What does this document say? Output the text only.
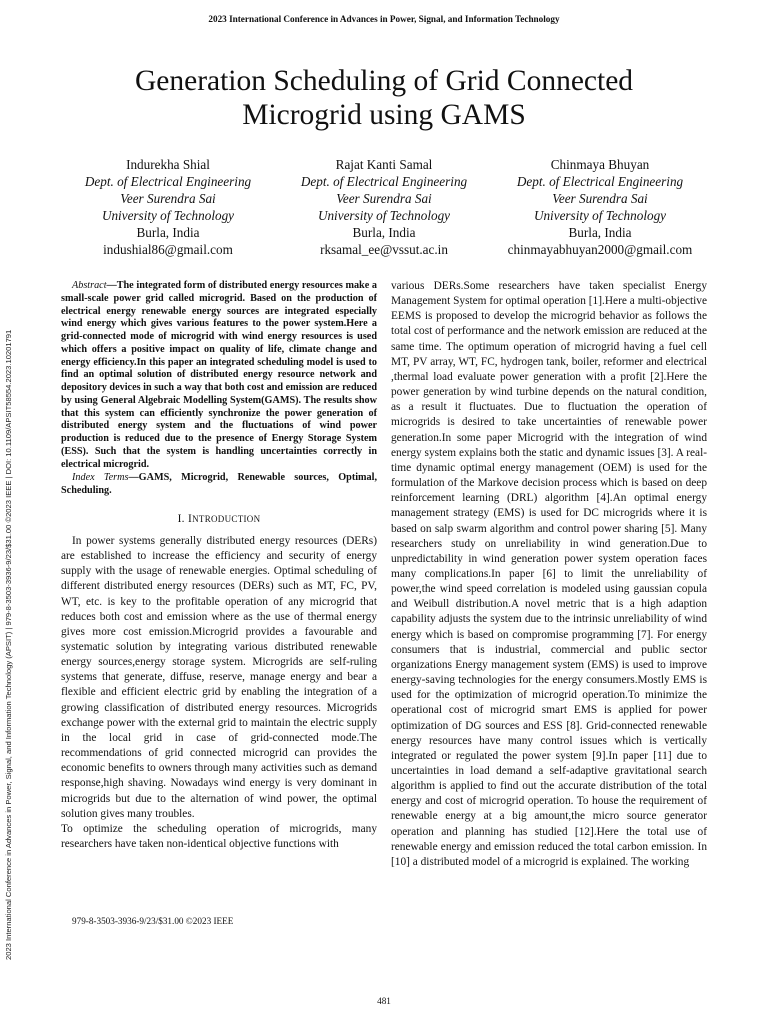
2023 International Conference in Advances in Power, Signal, and Information Technology
2023 International Conference in Advances in Power, Signal, and Information Technology (APSIT) | 979-8-3503-3936-9/23/$31.00 ©2023 IEEE | DOI: 10.1109/APSIT58554.2023.10201791
Generation Scheduling of Grid Connected
Microgrid using GAMS
Indurekha Shial
Dept. of Electrical Engineering
Veer Surendra Sai
University of Technology
Burla, India
indushial86@gmail.com
Rajat Kanti Samal
Dept. of Electrical Engineering
Veer Surendra Sai
University of Technology
Burla, India
rksamal_ee@vssut.ac.in
Chinmaya Bhuyan
Dept. of Electrical Engineering
Veer Surendra Sai
University of Technology
Burla, India
chinmayabhuyan2000@gmail.com

Abstract—The integrated form of distributed energy resources make a small-scale power grid called microgrid. Based on the production of electrical energy renewable energy sources are integrated especially wind energy which gives various features to the power system.Here a grid-connected mode of microgrid with wind energy resources is used which offers a positive impact on quality of life, climate change and energy efficiency.In this paper an integrated scheduling model is used to find an optimal solution of distributed energy resource network and depository devices in such a way that both cost and emission are reduced by using General Algebraic Modelling System(GAMS). The results show that this system can efficiently synchronize the power generation of distributed energy system and the fluctuations of wind power production is reduced due to the presence of Energy Storage System (ESS). Such that the system is handling uncertainties correctly in electrical microgrid.

Index Terms—GAMS, Microgrid, Renewable sources, Optimal, Scheduling.

I. INTRODUCTION

In power systems generally distributed energy resources (DERs) are established to increase the efficiency and security of energy supply with the usage of renewable energies. Optimal scheduling of different distributed energy resources (DERs) such as MT, FC, PV, WT, etc. is key to the profitable operation of any microgrid that reduces both cost and emission where as the use of thermal energy gives more cost emission.Microgrid provides a favourable and systematic solution by integrating various distributed renewable energy sources,energy storage system. Microgrids are self-ruling systems that generate, diffuse, reserve, manage energy and bear a flexible and efficient electric grid by enabling the integration of a growing classification of distributed energy resources. Microgrids exchange power with the external grid to maintain the electric supply in the local grid in case of grid-connected mode.The recommendations of grid connected microgrid can provides the economic benefits to owners through many activities such as demand response,high shaving. Nowadays wind energy is very dominant in microgrids but due to the alternation of wind power, the optimal solution gives many troubles.

To optimize the scheduling operation of microgrids, many researchers have taken non-identical objective functions with

various DERs.Some researchers have taken specialist Energy Management System for optimal operation [1].Here a multi-objective EEMS is proposed to develop the microgrid behavior as follows the total cost of performance and the network emission are reduced at the same time. The optimum operation of microgrid having a fuel cell MT, PV array, WT, FC, hydrogen tank, boiler, reformer and electrical ,thermal load evaluate power generation with a profit [2].Here the power generation by wind turbine depends on the natural condition, as a result it fluctuates. Due to fluctuation the operation of microgrids is desired to take uncertainties of renewable power generation.In some paper Microgrid with the integration of wind energy system explains both the static and dynamic issues [3]. A real-time dynamic optimal energy management (OEM) is used for the formulation of the Markove decision process which is based on deep reinforcement learning (DRL) algorithm [4].An optimal energy management strategy (EMS) is used for DC microgrids where it is based on salp swarm algorithm and control power sharing [5]. Many researchers study on unreliability in wind generation.Due to unpredictability in wind generation power system operation faces many complications.In paper [6] to limit the unreliability of power,the wind speed correlation is modeled using gaussian copula and Weibull distribution.A novel metric that is a high adaption capability adjusts the system due to the intrinsic unreliability of wind energy which is based on compromise programming [7]. For energy consumers that is industrial, commercial and public sector organizations Energy management system (EMS) is used to improve energy-saving technologies for the energy consumers.Mostly EMS is used for the optimization of microgrid operation.To minimize the operational cost of microgrid smart EMS is applied for power optimization of DG sources and ESS [8]. Grid-connected renewable energy resources have many control issues which is vertically integrated or regulated the power system [9].In paper [11] due to uncertainties in load demand a self-adaptive gravitational search algorithm is applied to find out the accurate distribution of the total energy and cost of microgrid operation. To house the requirement of renewable energy at a big amount,the micro source generator operation and planning has studied [12].Here the total use of renewable energy and emission reduced the total carbon emission. In [10] a distributed model of a microgrid is explained. The working

979-8-3503-3936-9/23/$31.00 ©2023 IEEE
481
